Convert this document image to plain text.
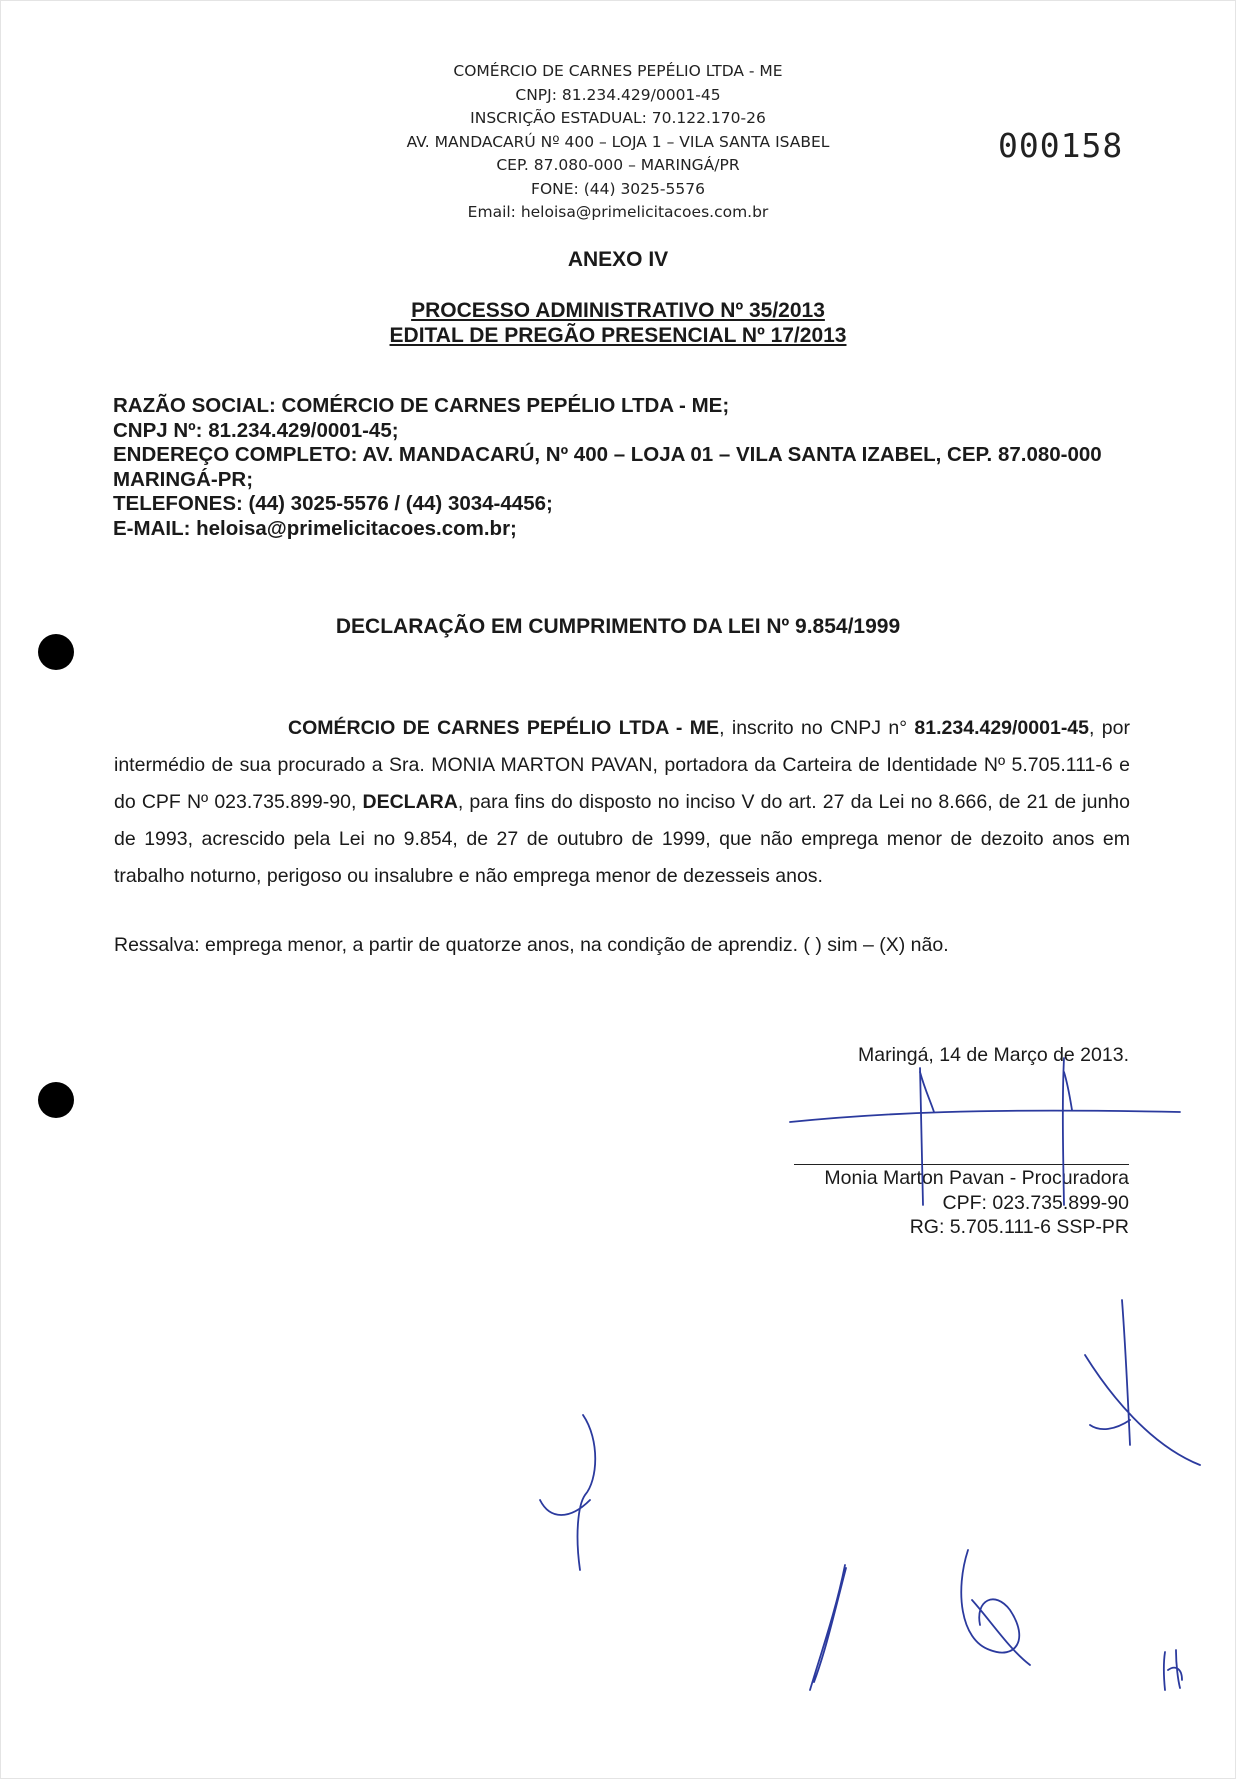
COMÉRCIO DE CARNES PEPÉLIO LTDA - ME
CNPJ: 81.234.429/0001-45
INSCRIÇÃO ESTADUAL: 70.122.170-26
AV. MANDACARÚ Nº 400 – LOJA 1 – VILA SANTA ISABEL
CEP. 87.080-000 – MARINGÁ/PR
FONE: (44) 3025-5576
Email: heloisa@primelicitacoes.com.br
000158
ANEXO IV
PROCESSO ADMINISTRATIVO Nº 35/2013
EDITAL DE PREGÃO PRESENCIAL Nº 17/2013
RAZÃO SOCIAL: COMÉRCIO DE CARNES PEPÉLIO LTDA - ME;
CNPJ Nº: 81.234.429/0001-45;
ENDEREÇO COMPLETO: AV. MANDACARÚ, Nº 400 – LOJA 01 – VILA SANTA IZABEL, CEP. 87.080-000 MARINGÁ-PR;
TELEFONES: (44) 3025-5576 / (44) 3034-4456;
E-MAIL: heloisa@primelicitacoes.com.br;
DECLARAÇÃO EM CUMPRIMENTO DA LEI Nº 9.854/1999
COMÉRCIO DE CARNES PEPÉLIO LTDA - ME, inscrito no CNPJ n° 81.234.429/0001-45, por intermédio de sua procurado a Sra. MONIA MARTON PAVAN, portadora da Carteira de Identidade Nº 5.705.111-6 e do CPF Nº 023.735.899-90, DECLARA, para fins do disposto no inciso V do art. 27 da Lei no 8.666, de 21 de junho de 1993, acrescido pela Lei no 9.854, de 27 de outubro de 1999, que não emprega menor de dezoito anos em trabalho noturno, perigoso ou insalubre e não emprega menor de dezesseis anos.
Ressalva: emprega menor, a partir de quatorze anos, na condição de aprendiz. ( ) sim – (X) não.
Maringá, 14 de Março de 2013.
Monia Marton Pavan - Procuradora
CPF: 023.735.899-90
RG: 5.705.111-6 SSP-PR
